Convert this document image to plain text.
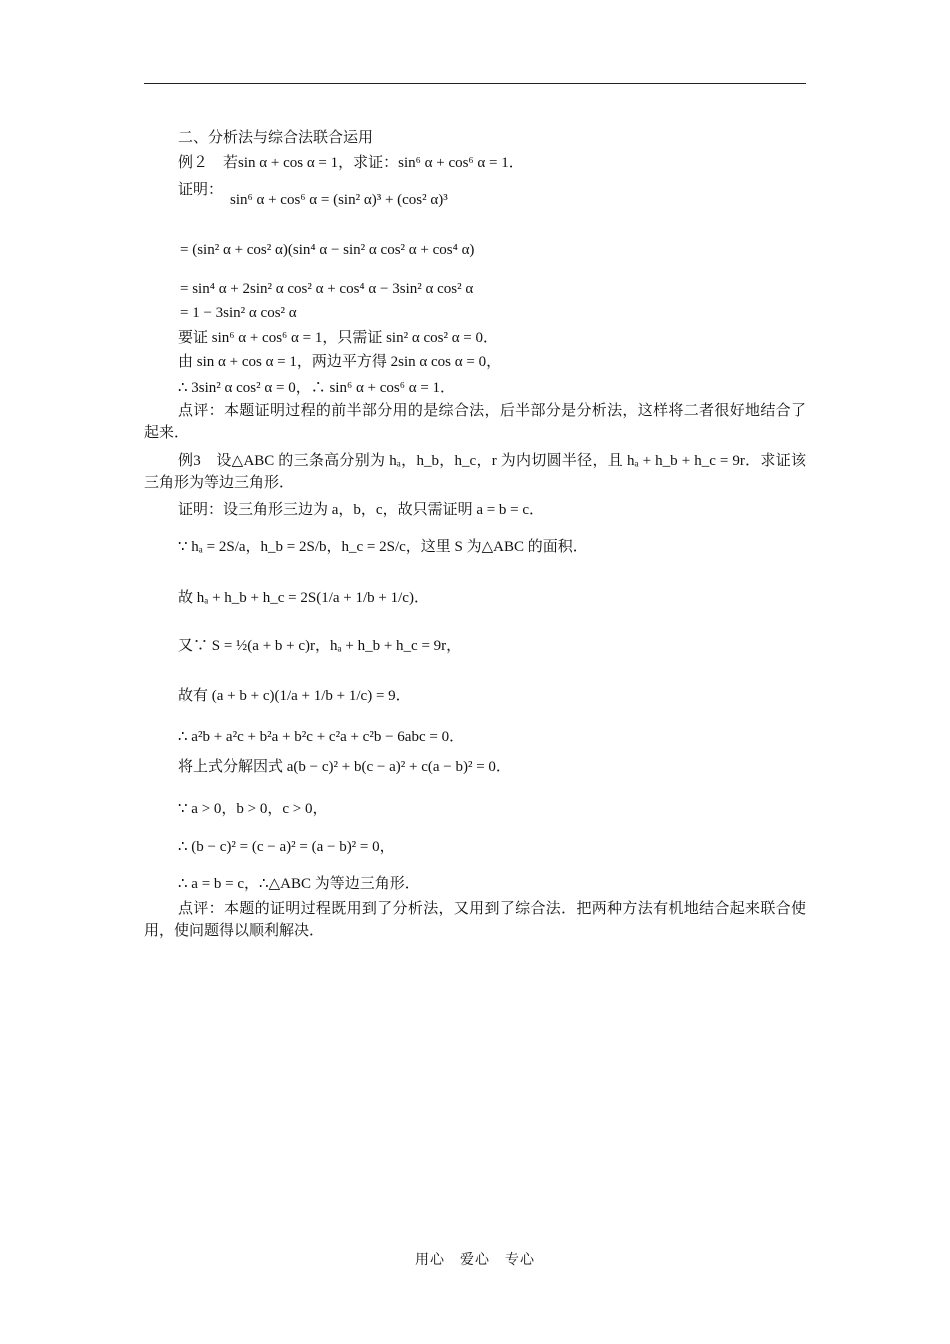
二、分析法与综合法联合运用
例２　若sin α + cos α = 1，求证：sin⁶ α + cos⁶ α = 1．
证明：
sin⁶ α + cos⁶ α = (sin² α)³ + (cos² α)³
= (sin² α + cos² α)(sin⁴ α − sin² α cos² α + cos⁴ α)
= sin⁴ α + 2sin² α cos² α + cos⁴ α − 3sin² α cos² α
= 1 − 3sin² α cos² α
要证 sin⁶ α + cos⁶ α = 1，只需证 sin² α cos² α = 0．
由 sin α + cos α = 1，两边平方得 2sin α cos α = 0，
∴ 3sin² α cos² α = 0，∴ sin⁶ α + cos⁶ α = 1．
点评：本题证明过程的前半部分用的是综合法，后半部分是分析法，这样将二者很好地结合了起来．
例3　设△ABC 的三条高分别为 hₐ，h_b，h_c，r 为内切圆半径，且 hₐ + h_b + h_c = 9r．求证该三角形为等边三角形．
证明：设三角形三边为 a，b，c，故只需证明 a = b = c．
∵ hₐ = 2S/a，h_b = 2S/b，h_c = 2S/c，这里 S 为△ABC 的面积．
故 hₐ + h_b + h_c = 2S(1/a + 1/b + 1/c)．
又∵ S = ½(a + b + c)r，hₐ + h_b + h_c = 9r，
故有 (a + b + c)(1/a + 1/b + 1/c) = 9．
∴ a²b + a²c + b²a + b²c + c²a + c²b − 6abc = 0．
将上式分解因式 a(b − c)² + b(c − a)² + c(a − b)² = 0．
∵ a > 0，b > 0，c > 0，
∴ (b − c)² = (c − a)² = (a − b)² = 0，
∴ a = b = c，∴△ABC 为等边三角形．
点评：本题的证明过程既用到了分析法，又用到了综合法．把两种方法有机地结合起来联合使用，使问题得以顺利解决．
用心　爱心　专心
